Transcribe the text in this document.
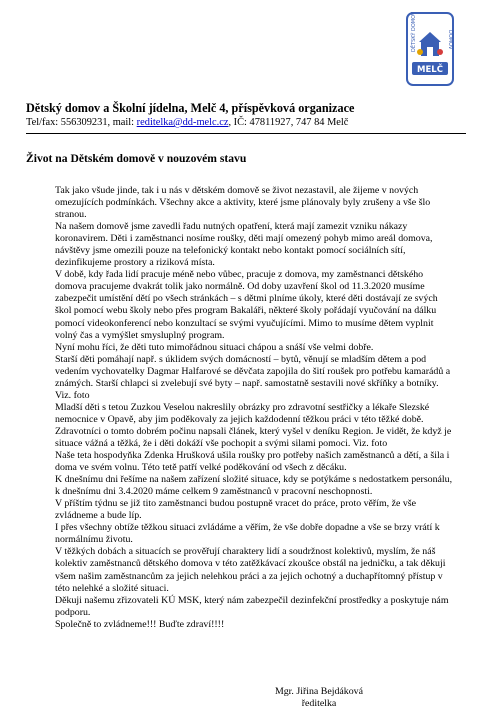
DĚTSKÝ DOMOV	DOMOV
MELČ
Dětský domov a Školní jídelna, Melč 4, příspěvková organizace
Tel/fax: 556309231, mail: reditelka@dd-melc.cz, IČ: 47811927, 747 84 Melč
Život na Dětském domově v nouzovém stavu

Tak jako všude jinde, tak i u nás v dětském domově se život nezastavil, ale žijeme v nových omezujících podmínkách. Všechny akce a aktivity, které jsme plánovaly byly zrušeny a vše šlo stranou.

Na našem domově jsme zavedli řadu nutných opatření, která mají zamezit vzniku nákazy koronavirem. Děti i zaměstnanci nosíme roušky, děti mají omezený pohyb mimo areál domova, návštěvy jsme omezili pouze na telefonický kontakt nebo kontakt pomocí sociálních sítí, dezinfikujeme prostory a riziková místa.

V době, kdy řada lidí pracuje méně nebo vůbec, pracuje z domova, my zaměstnanci dětského domova pracujeme dvakrát tolik jako normálně. Od doby uzavření škol od 11.3.2020 musíme zabezpečit umístění dětí po všech stránkách – s dětmi plníme úkoly, které děti dostávají ze svých škol pomocí webu školy nebo přes program Bakaláři, některé školy pořádají vyučování na dálku pomocí videokonferencí nebo konzultací se svými vyučujícími. Mimo to musíme dětem vyplnit volný čas a vymýšlet smysluplný program.

Nyní mohu říci, že děti tuto mimořádnou situaci chápou a snáší vše velmi dobře.

Starší děti pomáhají např. s úklidem svých domácností – bytů, věnují se mladším dětem a pod vedením vychovatelky Dagmar Halfarové se děvčata zapojila do šití roušek pro potřebu kamarádů a známých. Starší chlapci si zvelebují své byty – např. samostatně sestavili nové skříňky a botníky. Viz. foto

Mladší děti s tetou Zuzkou Veselou nakreslily obrázky pro zdravotní sestřičky a lékaře Slezské nemocnice v Opavě, aby jim poděkovaly za jejich každodenní těžkou práci v této těžké době. Zdravotníci o tomto dobrém počinu napsali článek, který vyšel v deníku Region. Je vidět, že když je situace vážná a těžká, že i děti dokáží vše pochopit a svými silami pomoci. Viz. foto

Naše teta hospodyňka Zdenka Hrušková ušila roušky pro potřeby našich zaměstnanců a dětí, a šila i doma ve svém volnu. Této tetě patří velké poděkování od všech z děcáku.

K dnešnímu dni řešíme na našem zařízení složité situace, kdy se potýkáme s nedostatkem personálu, k dnešnímu dni 3.4.2020 máme celkem 9 zaměstnanců v pracovní neschopnosti.

V příštím týdnu se již tito zaměstnanci budou postupně vracet do práce, proto věřím, že vše zvládneme a bude líp.

I přes všechny obtíže těžkou situaci zvládáme a věřím, že vše dobře dopadne a vše se brzy vrátí k normálnímu životu.

V těžkých dobách a situacích se prověřují charaktery lidí a soudržnost kolektivů, myslím, že náš kolektiv zaměstnanců dětského domova v této zatěžkávací zkoušce obstál na jedničku, a tak děkuji všem našim zaměstnancům za jejich nelehkou práci a za jejich ochotný a duchapřítomný přístup v této nelehké a složité situaci.

Děkuji našemu zřizovateli KÚ MSK, který nám zabezpečil dezinfekční prostředky a poskytuje nám podporu.

Společně to zvládneme!!! Buďte zdraví!!!!

Mgr. Jiřina Bejdáková
ředitelka
